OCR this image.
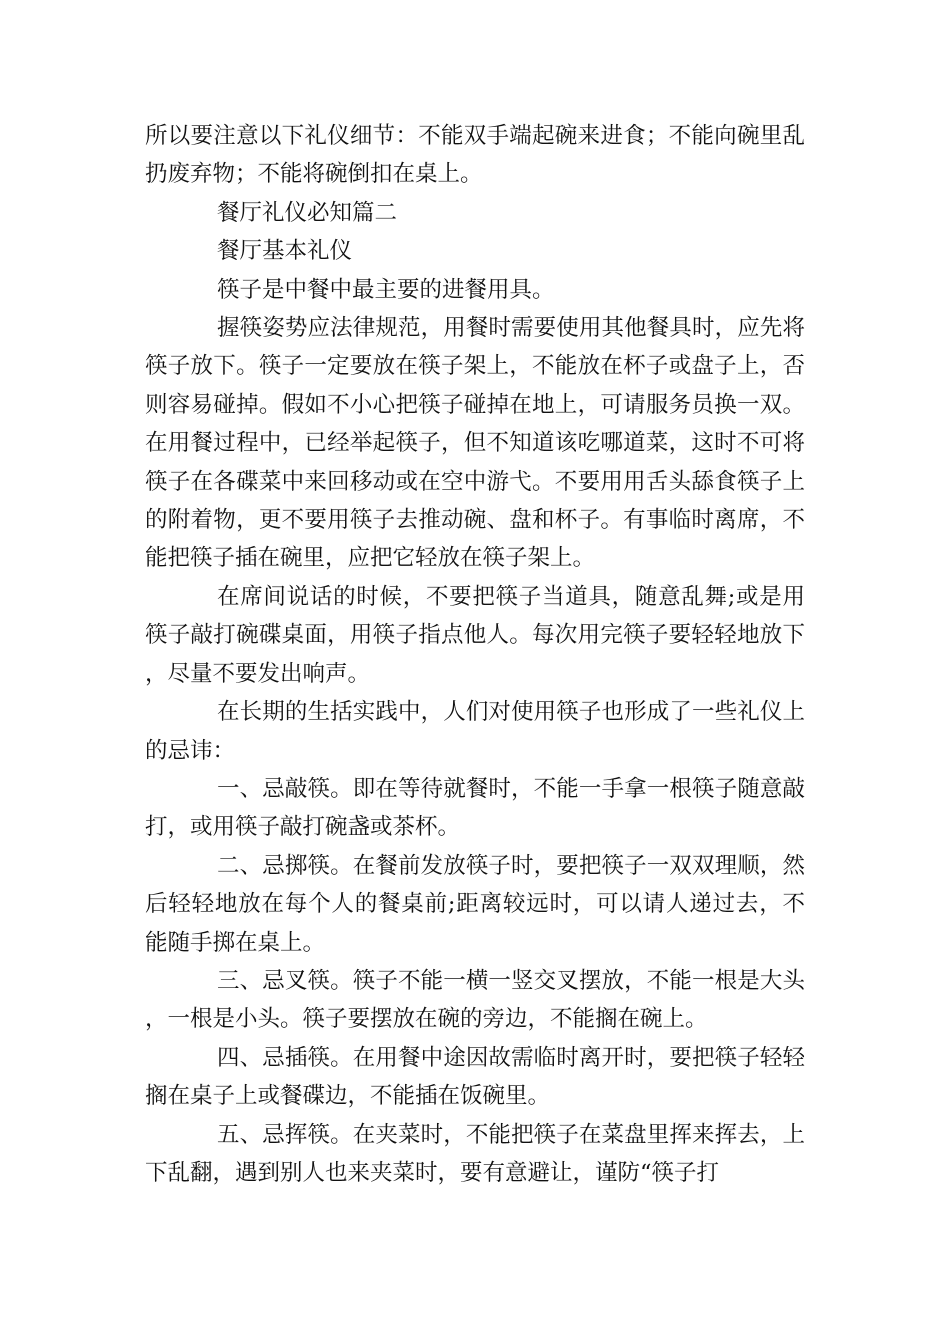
所以要注意以下礼仪细节：不能双手端起碗来进食；不能向碗里乱扔废弃物；不能将碗倒扣在桌上。

餐厅礼仪必知篇二

餐厅基本礼仪

筷子是中餐中最主要的进餐用具。

握筷姿势应法律规范，用餐时需要使用其他餐具时，应先将筷子放下。筷子一定要放在筷子架上，不能放在杯子或盘子上，否则容易碰掉。假如不小心把筷子碰掉在地上，可请服务员换一双。在用餐过程中，已经举起筷子，但不知道该吃哪道菜，这时不可将筷子在各碟菜中来回移动或在空中游弋。不要用用舌头舔食筷子上的附着物，更不要用筷子去推动碗、盘和杯子。有事临时离席，不能把筷子插在碗里，应把它轻放在筷子架上。

在席间说话的时候，不要把筷子当道具，随意乱舞;或是用筷子敲打碗碟桌面，用筷子指点他人。每次用完筷子要轻轻地放下，尽量不要发出响声。

在长期的生括实践中，人们对使用筷子也形成了一些礼仪上的忌讳：

一、忌敲筷。即在等待就餐时，不能一手拿一根筷子随意敲打，或用筷子敲打碗盏或茶杯。

二、忌掷筷。在餐前发放筷子时，要把筷子一双双理顺，然后轻轻地放在每个人的餐桌前;距离较远时，可以请人递过去，不能随手掷在桌上。

三、忌叉筷。筷子不能一横一竖交叉摆放，不能一根是大头，一根是小头。筷子要摆放在碗的旁边，不能搁在碗上。

四、忌插筷。在用餐中途因故需临时离开时，要把筷子轻轻搁在桌子上或餐碟边，不能插在饭碗里。

五、忌挥筷。在夹菜时，不能把筷子在菜盘里挥来挥去，上下乱翻，遇到别人也来夹菜时，要有意避让，谨防“筷子打
